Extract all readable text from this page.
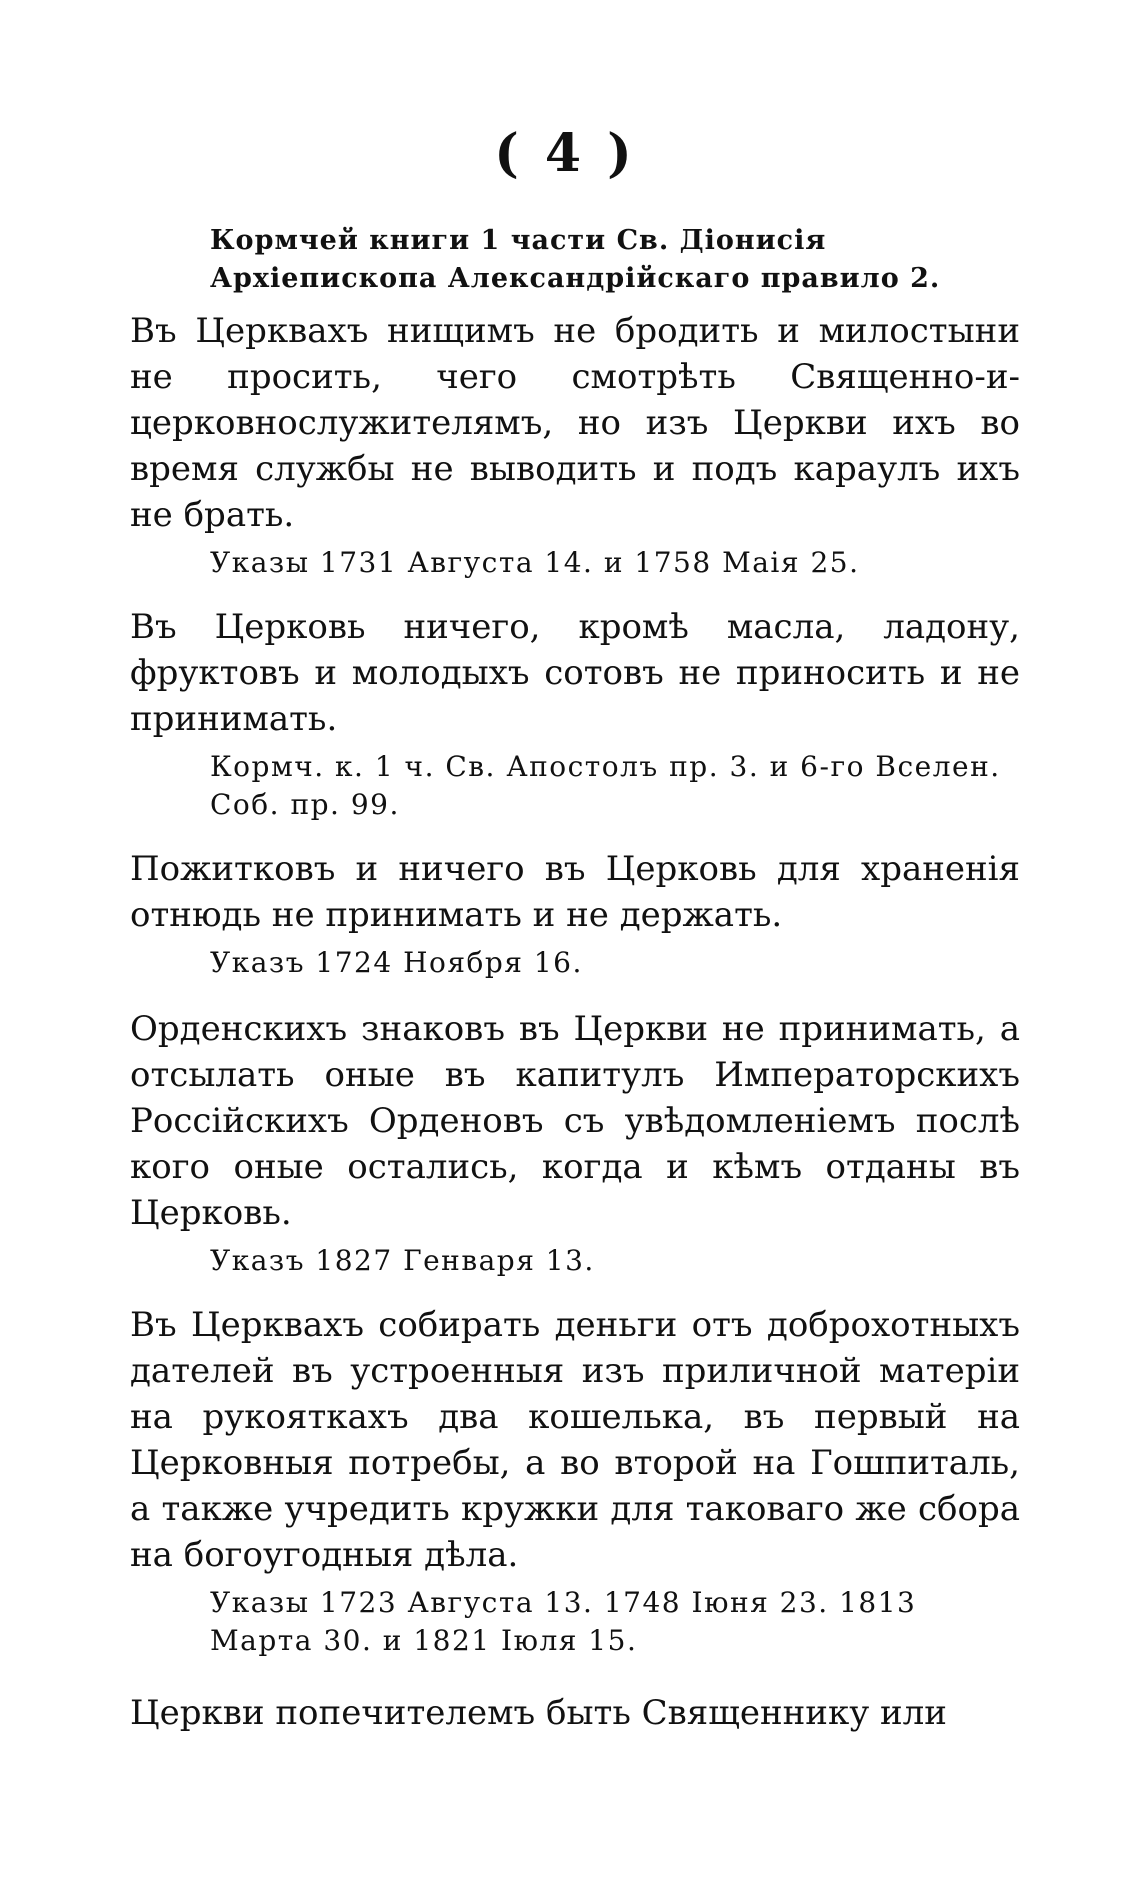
( 4 )

Кормчей книги 1 части Св. Діонисія Архіепископа Александрійскаго правило 2.

Въ Церквахъ нищимъ не бродить и милостыни не просить, чего смотрѣть Священно-и-церковнослужителямъ, но изъ Церкви ихъ во время службы не выводить и подъ караулъ ихъ не брать.

Указы 1731 Августа 14. и 1758 Маія 25.

Въ Церковь ничего, кромѣ масла, ладону, фруктовъ и молодыхъ сотовъ не приносить и не принимать.

Кормч. к. 1 ч. Св. Апостолъ пр. 3. и 6-го Вселен. Соб. пр. 99.

Пожитковъ и ничего въ Церковь для храненія отнюдь не принимать и не держать.

Указъ 1724 Ноября 16.

Орденскихъ знаковъ въ Церкви не принимать, а отсылать оные въ капитулъ Императорскихъ Россійскихъ Орденовъ съ увѣдомленіемъ послѣ кого оные остались, когда и кѣмъ отданы въ Церковь.

Указъ 1827 Генваря 13.

Въ Церквахъ собирать деньги отъ доброхотныхъ дателей въ устроенныя изъ приличной матеріи на рукояткахъ два кошелька, въ первый на Церковныя потребы, а во второй на Гошпиталь, а также учредить кружки для таковаго же сбора на богоугодныя дѣла.

Указы 1723 Августа 13. 1748 Іюня 23. 1813 Марта 30. и 1821 Іюля 15.

Церкви попечителемъ быть Священнику или
